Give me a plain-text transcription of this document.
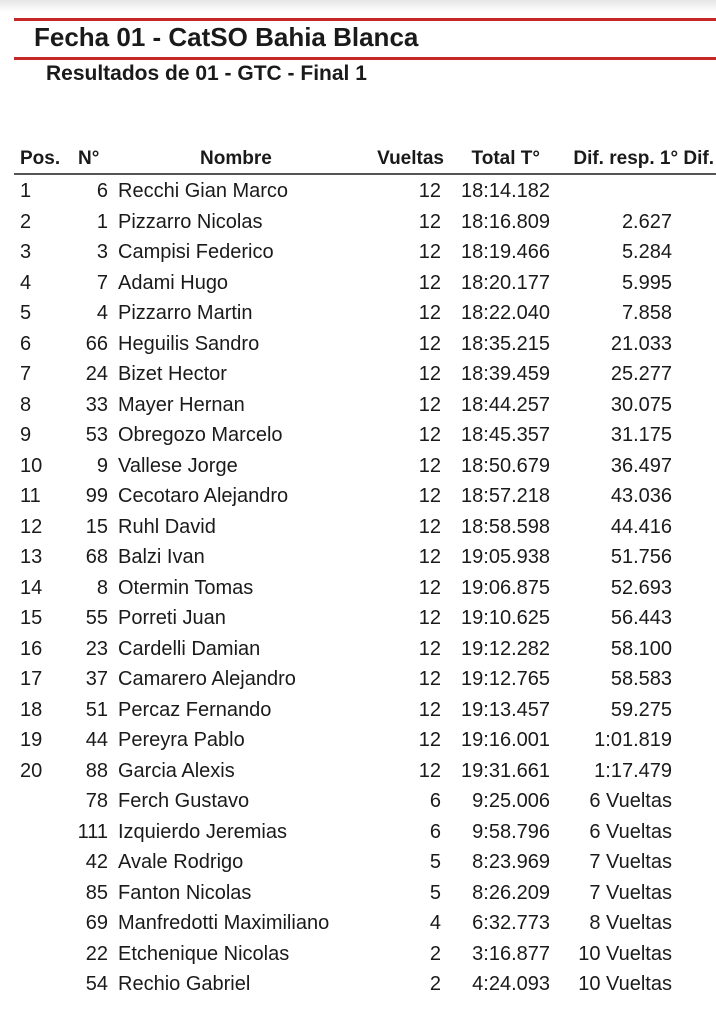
Fecha 01 - CatSO Bahia Blanca
Resultados de 01 - GTC - Final 1
Pos. N°	Nombre	Vueltas Total T° Dif. resp. 1° Dif.
1	6 Recchi Gian Marco	12 18:14.182
2	1 Pizzarro Nicolas	12 18:16.809	2.627
3	3 Campisi Federico	12 18:19.466	5.284
4	7 Adami Hugo	12 18:20.177	5.995
5	4 Pizzarro Martin	12 18:22.040	7.858
6	66 Heguilis Sandro	12 18:35.215	21.033
7	24 Bizet Hector	12 18:39.459	25.277
8	33 Mayer Hernan	12 18:44.257	30.075
9	53 Obregozo Marcelo	12 18:45.357	31.175
10	9 Vallese Jorge	12 18:50.679	36.497
11 99 Cecotaro Alejandro	12 18:57.218	43.036
12 15 Ruhl David	12 18:58.598	44.416
13 68 Balzi Ivan	12 19:05.938	51.756
14	8 Otermin Tomas	12 19:06.875	52.693
15 55 Porreti Juan	12 19:10.625	56.443
16 23 Cardelli Damian	12 19:12.282	58.100
17 37 Camarero Alejandro	12 19:12.765	58.583
18 51 Percaz Fernando	12 19:13.457	59.275
19 44 Pereyra Pablo	12 19:16.001 1:01.819
20 88 Garcia Alexis	12 19:31.661 1:17.479
78 Ferch Gustavo	6 9:25.006 6 Vueltas
111 Izquierdo Jeremias	6 9:58.796 6 Vueltas
42 Avale Rodrigo	5 8:23.969 7 Vueltas
85 Fanton Nicolas	5 8:26.209 7 Vueltas
69 Manfredotti Maximiliano	4 6:32.773 8 Vueltas
22 Etchenique Nicolas	2 3:16.877 10 Vueltas
54 Rechio Gabriel	2 4:24.093 10 Vueltas
